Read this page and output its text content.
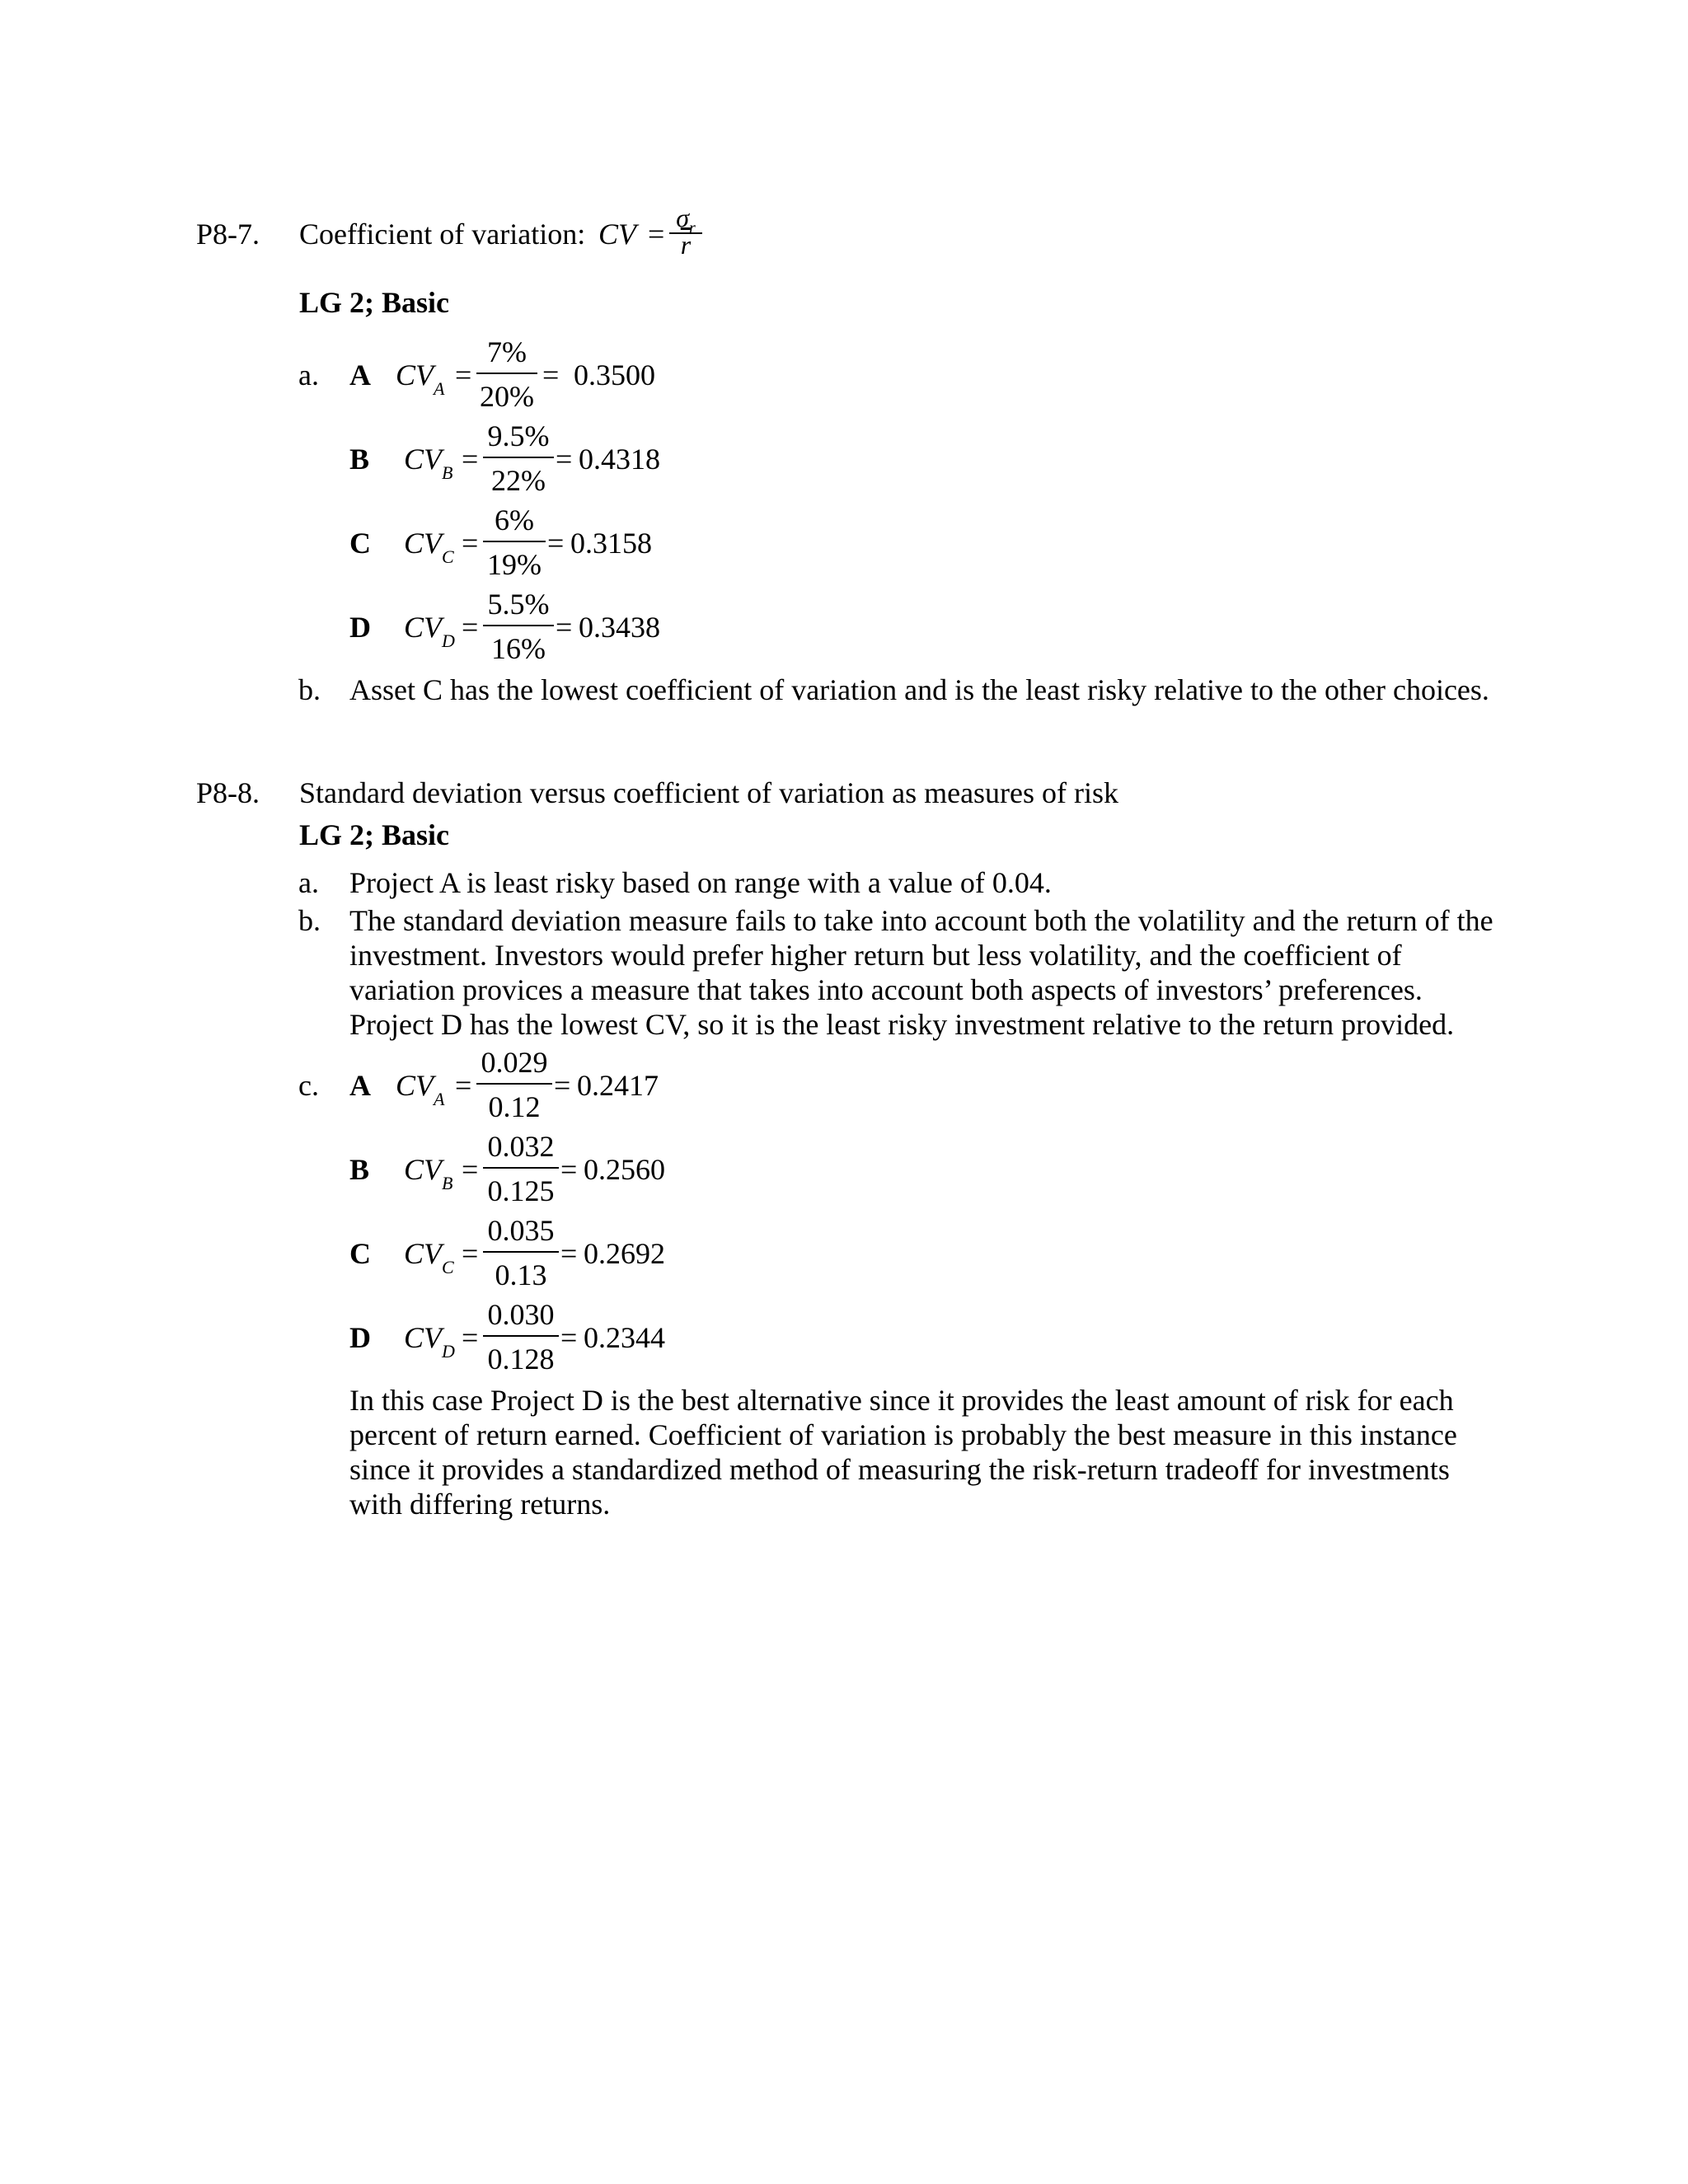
P8-7. Coefficient of variation: CV = $\frac{\sigma_r}{r}$
LG 2; Basic
a. A $CV_A$ =
7%
20%
= 0.3500
B $CV_B$ =
9.5%
22%
= 0.4318
C $CV_C$ =
6%
19%
= 0.3158
D $CV_D$ =
5.5%
16%
= 0.3438
b. Asset C has the lowest coefficient of variation and is the least risky relative to the other choices.
P8-8. Standard deviation versus coefficient of variation as measures of risk
LG 2; Basic
a. Project A is least risky based on range with a value of 0.04.
b. The standard deviation measure fails to take into account both the volatility and the return of the investment. Investors would prefer higher return but less volatility, and the coefficient of variation provices a measure that takes into account both aspects of investors’ preferences. Project D has the lowest CV, so it is the least risky investment relative to the return provided.
c. A $CV_A$ =
0.029
0.12
= 0.2417
B $CV_B$ =
0.032
0.125
= 0.2560
C $CV_C$ =
0.035
0.13
= 0.2692
D $CV_D$ =
0.030
0.128
= 0.2344
In this case Project D is the best alternative since it provides the least amount of risk for each percent of return earned. Coefficient of variation is probably the best measure in this instance since it provides a standardized method of measuring the risk-return tradeoff for investments with differing returns.
